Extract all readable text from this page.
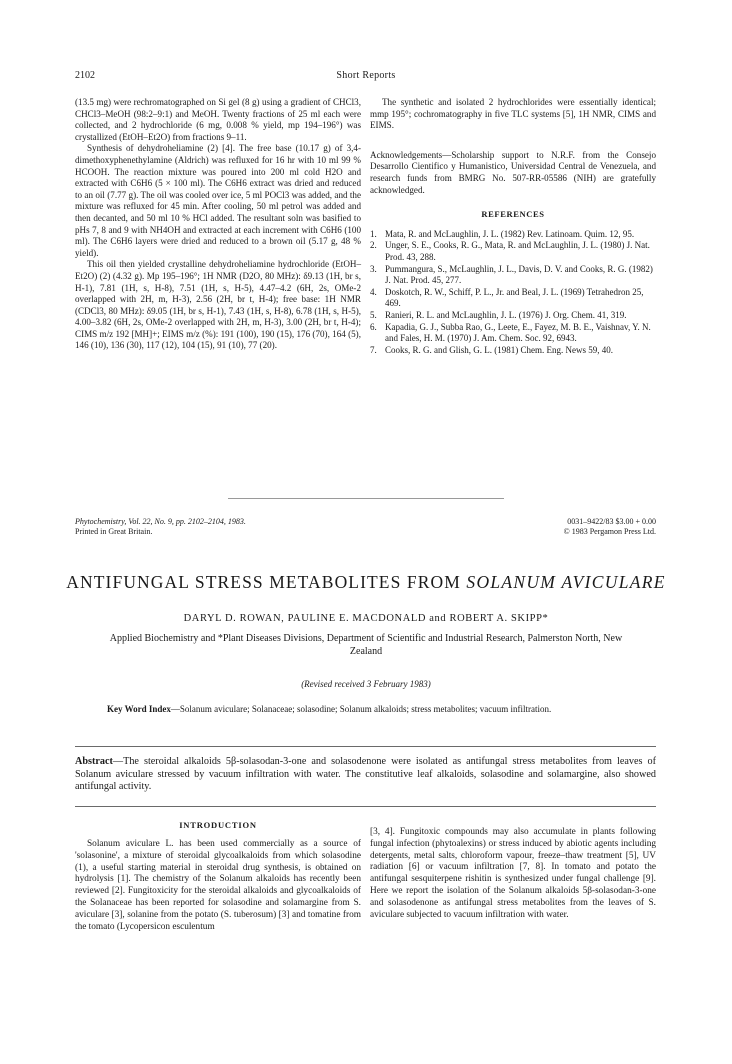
2102	Short Reports

(13.5 mg) were rechromatographed on Si gel (8 g) using a gradient of CHCl3, CHCl3–MeOH (98:2–9:1) and MeOH. Twenty fractions of 25 ml each were collected, and 2 hydrochloride (6 mg, 0.008 % yield, mp 194–196°) was crystallized (EtOH–Et2O) from fractions 9–11.

Synthesis of dehydroheliamine (2) [4]. The free base (10.17 g) of 3,4-dimethoxyphenethylamine (Aldrich) was refluxed for 16 hr with 10 ml 99 % HCOOH. The reaction mixture was poured into 200 ml cold H2O and extracted with C6H6 (5 × 100 ml). The C6H6 extract was dried and reduced to an oil (7.77 g). The oil was cooled over ice, 5 ml POCl3 was added, and the mixture was refluxed for 45 min. After cooling, 50 ml petrol was added and then decanted, and 50 ml 10 % HCl added. The resultant soln was basified to pHs 7, 8 and 9 with NH4OH and extracted at each increment with C6H6 (100 ml). The C6H6 layers were dried and reduced to a brown oil (5.17 g, 48 % yield).

This oil then yielded crystalline dehydroheliamine hydrochloride (EtOH–Et2O) (2) (4.32 g). Mp 195–196°; 1H NMR (D2O, 80 MHz): δ9.13 (1H, br s, H-1), 7.81 (1H, s, H-8), 7.51 (1H, s, H-5), 4.47–4.2 (6H, 2s, OMe-2 overlapped with 2H, m, H-3), 2.56 (2H, br t, H-4); free base: 1H NMR (CDCl3, 80 MHz): δ9.05 (1H, br s, H-1), 7.43 (1H, s, H-8), 6.78 (1H, s, H-5), 4.00–3.82 (6H, 2s, OMe-2 overlapped with 2H, m, H-3), 3.00 (2H, br t, H-4); CIMS m/z 192 [MH]+; EIMS m/z (%): 191 (100), 190 (15), 176 (70), 164 (5), 146 (10), 136 (30), 117 (12), 104 (15), 91 (10), 77 (20).

The synthetic and isolated 2 hydrochlorides were essentially identical; mmp 195°; cochromatography in five TLC systems [5], 1H NMR, CIMS and EIMS.

Acknowledgements—Scholarship support to N.R.F. from the Consejo Desarrollo Cientifico y Humanistico, Universidad Central de Venezuela, and research funds from BMRG No. 507-RR-05586 (NIH) are gratefully acknowledged.

REFERENCES
1. Mata, R. and McLaughlin, J. L. (1982) Rev. Latinoam. Quim. 12, 95.
2. Unger, S. E., Cooks, R. G., Mata, R. and McLaughlin, J. L. (1980) J. Nat. Prod. 43, 288.
3. Pummangura, S., McLaughlin, J. L., Davis, D. V. and Cooks, R. G. (1982) J. Nat. Prod. 45, 277.
4. Doskotch, R. W., Schiff, P. L., Jr. and Beal, J. L. (1969) Tetrahedron 25, 469.
5. Ranieri, R. L. and McLaughlin, J. L. (1976) J. Org. Chem. 41, 319.
6. Kapadia, G. J., Subba Rao, G., Leete, E., Fayez, M. B. E., Vaishnav, Y. N. and Fales, H. M. (1970) J. Am. Chem. Soc. 92, 6943.
7. Cooks, R. G. and Glish, G. L. (1981) Chem. Eng. News 59, 40.
Phytochemistry, Vol. 22, No. 9, pp. 2102–2104, 1983.
Printed in Great Britain.
0031–9422/83 $3.00 + 0.00
© 1983 Pergamon Press Ltd.
ANTIFUNGAL STRESS METABOLITES FROM SOLANUM AVICULARE
DARYL D. ROWAN, PAULINE E. MACDONALD and ROBERT A. SKIPP*
Applied Biochemistry and *Plant Diseases Divisions, Department of Scientific and Industrial Research, Palmerston North, New Zealand
(Revised received 3 February 1983)
Key Word Index—Solanum aviculare; Solanaceae; solasodine; Solanum alkaloids; stress metabolites; vacuum infiltration.
Abstract—The steroidal alkaloids 5β-solasodan-3-one and solasodenone were isolated as antifungal stress metabolites from leaves of Solanum aviculare stressed by vacuum infiltration with water. The constitutive leaf alkaloids, solasodine and solamargine, also showed antifungal activity.
INTRODUCTION

Solanum aviculare L. has been used commercially as a source of 'solasonine', a mixture of steroidal glycoalkaloids from which solasodine (1), a useful starting material in steroidal drug synthesis, is obtained on hydrolysis [1]. The chemistry of the Solanum alkaloids has recently been reviewed [2]. Fungitoxicity for the steroidal alkaloids and glycoalkaloids of the Solanaceae has been reported for solasodine and solamargine from S. aviculare [3], solanine from the potato (S. tuberosum) [3] and tomatine from the tomato (Lycopersicon esculentum

[3, 4]. Fungitoxic compounds may also accumulate in plants following fungal infection (phytoalexins) or stress induced by abiotic agents including detergents, metal salts, chloroform vapour, freeze–thaw treatment [5], UV radiation [6] or vacuum infiltration [7, 8]. In tomato and potato the antifungal sesquiterpene rishitin is synthesized under fungal challenge [9]. Here we report the isolation of the Solanum alkaloids 5β-solasodan-3-one and solasodenone as antifungal stress metabolites from the leaves of S. aviculare subjected to vacuum infiltration with water.
